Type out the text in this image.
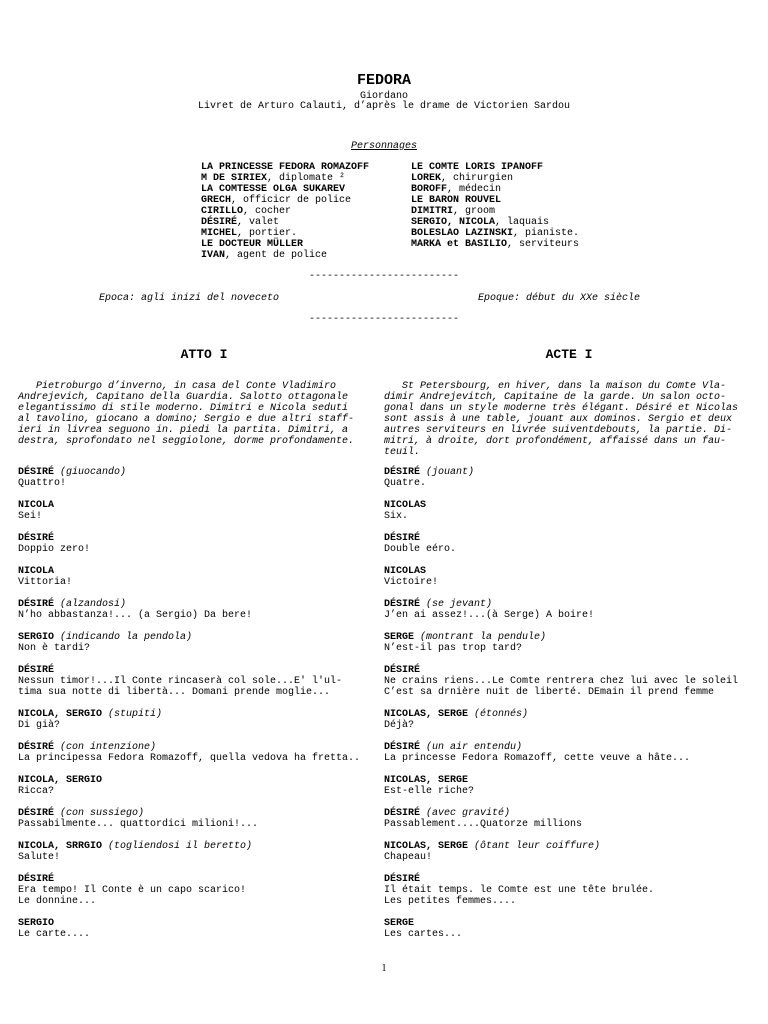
FEDORA
Giordano
Livret de Arturo Calauti, d’après le drame de Victorien Sardou
Personnages
LA PRINCESSE FEDORA ROMAZOFF
M DE SIRIEX, diplomate ²
LA COMTESSE OLGA SUKAREV
GRECH, officicr de police
CIRILLO, cocher
DÉSIRÉ, valet
MICHEL, portier.
LE DOCTEUR MÜLLER
IVAN, agent de police
LE COMTE LORIS IPANOFF
LOREK, chirurgien
BOROFF, médecin
LE BARON ROUVEL
DIMITRI, groom
SERGIO, NICOLA, laquais
BOLESLAO LAZINSKI, pianiste.
MARKA et BASILIO, serviteurs
-------------------------
Epoca: agli inizi del noveceto	Epoque: début du XXe siècle
-------------------------
ATTO I	ACTE I
Pietroburgo d’inverno, in casa del Conte Vladimiro
Andrejevich, Capitano della Guardia. Salotto ottagonale
elegantissimo di stile moderno. Dimitri e Nicola seduti
al tavolino, giocano a domino; Sergio e due altri staff-
ieri in livrea seguono in. piedi la partita. Dimitri, a
destra, sprofondato nel seggiolone, dorme profondamente.
DÉSIRÉ (giuocando)
Quattro!
NICOLA
Sei!
DÉSIRÉ
Doppio zero!
NICOLA
Vittoria!
DÉSIRÉ (alzandosi)
N’ho abbastanza!... (a Sergio) Da bere!
SERGIO (indicando la pendola)
Non è tardi?
DÉSIRÉ
Nessun timor!...Il Conte rincaserà col sole...E' l'ul-
tima sua notte di libertà... Domani prende moglie...
NICOLA, SERGIO (stupiti)
Di già?
DÉSIRÉ (con intenzione)
La principessa Fedora Romazoff, quella vedova ha fretta..
NICOLA, SERGIO
Ricca?
DÉSIRÉ (con sussiego)
Passabilmente... quattordici milioni!...
NICOLA, SRRGIO (togliendosi il beretto)
Salute!
DÉSIRÉ
Era tempo! Il Conte è un capo scarico!
Le donnine...
SERGIO
Le carte....
St Petersbourg, en hiver, dans la maison du Comte Vla-
dimir Andrejevitch, Capitaine de la garde. Un salon octo-
gonal dans un style moderne très élégant. Désiré et Nicolas
sont assis à une table, jouant aux dominos. Sergio et deux
autres serviteurs en livrée suiventdebouts, la partie. Di-
mitri, à droite, dort profondément, affaissé dans un fau-
teuil.
DÉSIRÉ (jouant)
Quatre.
NICOLAS
Six.
DÉSIRÉ
Double eéro.
NICOLAS
Victoire!
DÉSIRÉ (se jevant)
J’en ai assez!...(à Serge) A boire!
SERGE (montrant la pendule)
N’est-il pas trop tard?
DÉSIRÉ
Ne crains riens...Le Comte rentrera chez lui avec le soleil
C’est sa drnière nuit de liberté. DEmain il prend femme
NICOLAS, SERGE (étonnés)
Déjà?
DÉSIRÉ (un air entendu)
La princesse Fedora Romazoff, cette veuve a hâte...
NICOLAS, SERGE
Est-elle riche?
DÉSIRÉ (avec gravité)
Passablement....Quatorze millions
NICOLAS, SERGE (ôtant leur coiffure)
Chapeau!
DÉSIRÉ
Il était temps. le Comte est une tête brulée.
Les petites femmes....
SERGE
Les cartes...
1
